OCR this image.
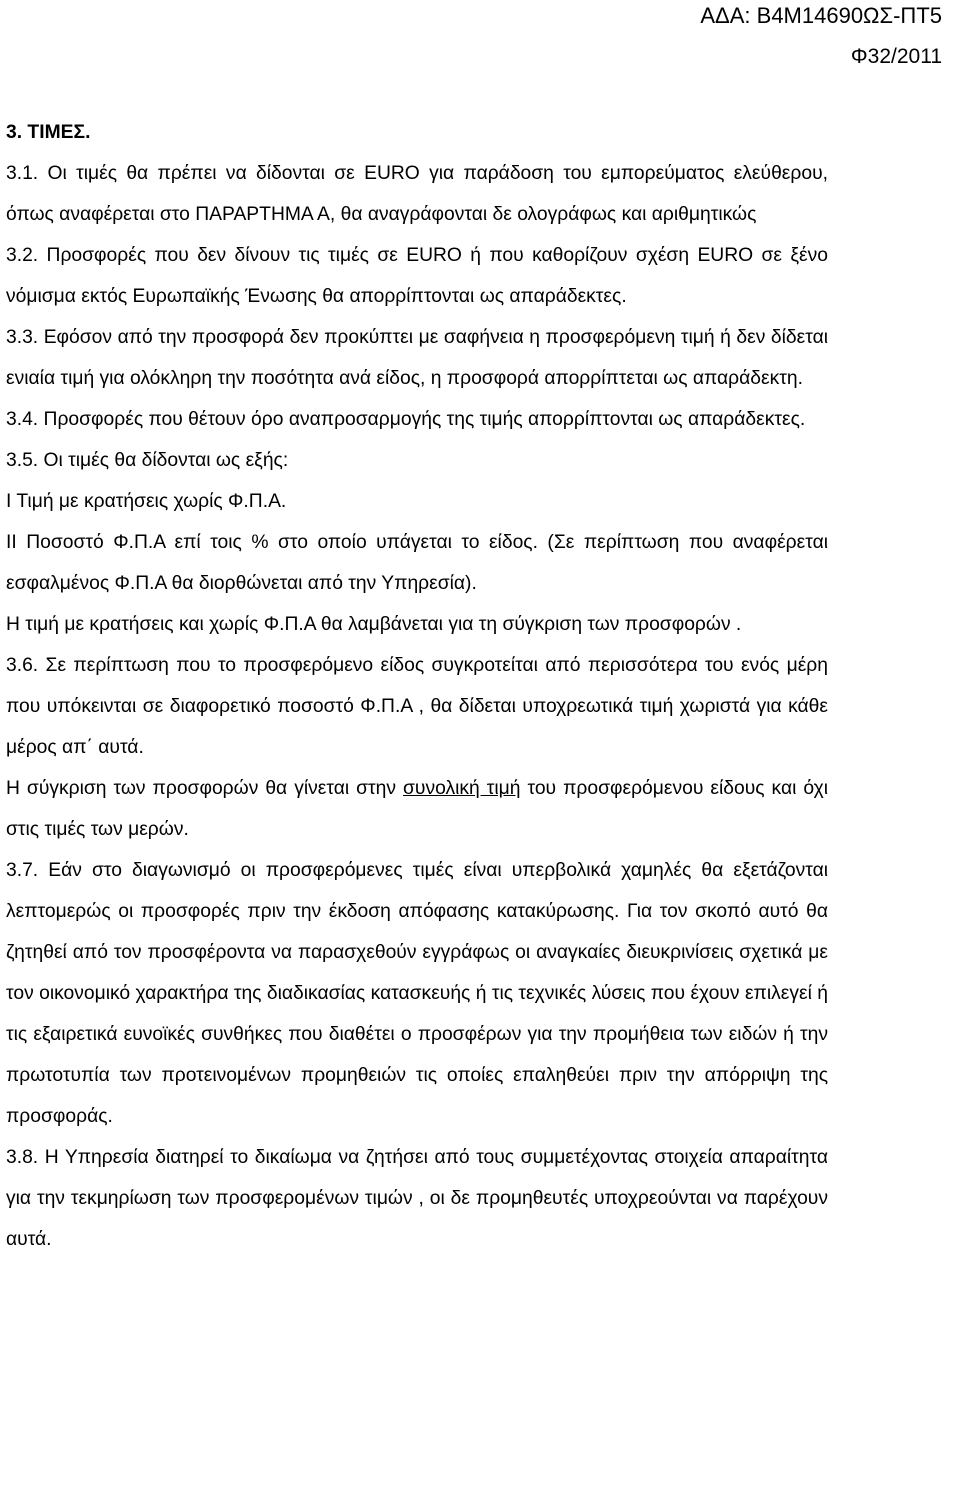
ΑΔΑ: Β4Μ14690ΩΣ-ΠΤ5
Φ32/2011

3. ΤΙΜΕΣ.

3.1. Οι τιμές θα πρέπει να δίδονται σε EURO για παράδοση του εμπορεύματος ελεύθερου, όπως αναφέρεται στο ΠΑΡΑΡΤΗΜΑ Α, θα αναγράφονται δε ολογράφως και αριθμητικώς

3.2. Προσφορές που δεν δίνουν τις τιμές σε EURO ή που καθορίζουν σχέση EURO σε ξένο νόμισμα εκτός Ευρωπαϊκής Ένωσης θα απορρίπτονται ως απαράδεκτες.

3.3. Εφόσον από την προσφορά δεν προκύπτει με σαφήνεια η προσφερόμενη τιμή ή δεν δίδεται ενιαία τιμή για ολόκληρη την ποσότητα ανά είδος, η προσφορά απορρίπτεται ως απαράδεκτη.

3.4. Προσφορές που θέτουν όρο αναπροσαρμογής της τιμής απορρίπτονται ως απαράδεκτες.

3.5. Οι τιμές θα δίδονται ως εξής:

Ι Τιμή με κρατήσεις χωρίς Φ.Π.Α.

ΙΙ Ποσοστό Φ.Π.Α επί τοις % στο οποίο υπάγεται το είδος. (Σε περίπτωση που αναφέρεται εσφαλμένος Φ.Π.Α θα διορθώνεται από την Υπηρεσία).

Η τιμή με κρατήσεις και χωρίς Φ.Π.Α θα λαμβάνεται για τη σύγκριση των προσφορών .

3.6. Σε περίπτωση που το προσφερόμενο είδος συγκροτείται από περισσότερα του ενός μέρη που υπόκεινται σε διαφορετικό ποσοστό Φ.Π.Α , θα δίδεται υποχρεωτικά τιμή χωριστά για κάθε μέρος απ΄ αυτά.

Η σύγκριση των προσφορών θα γίνεται στην συνολική τιμή του προσφερόμενου είδους και όχι στις τιμές των μερών.

3.7. Εάν στο διαγωνισμό οι προσφερόμενες τιμές είναι υπερβολικά χαμηλές θα εξετάζονται λεπτομερώς οι προσφορές πριν την έκδοση απόφασης κατακύρωσης. Για τον σκοπό αυτό θα ζητηθεί από τον προσφέροντα να παρασχεθούν εγγράφως οι αναγκαίες διευκρινίσεις σχετικά με τον οικονομικό χαρακτήρα της διαδικασίας κατασκευής ή τις τεχνικές λύσεις που έχουν επιλεγεί ή τις εξαιρετικά ευνοϊκές συνθήκες που διαθέτει ο προσφέρων για την προμήθεια των ειδών ή την πρωτοτυπία των προτεινομένων προμηθειών τις οποίες επαληθεύει πριν την απόρριψη της προσφοράς.

3.8. Η Υπηρεσία διατηρεί το δικαίωμα να ζητήσει από τους συμμετέχοντας στοιχεία απαραίτητα για την τεκμηρίωση των προσφερομένων τιμών , οι δε προμηθευτές υποχρεούνται να παρέχουν αυτά.
